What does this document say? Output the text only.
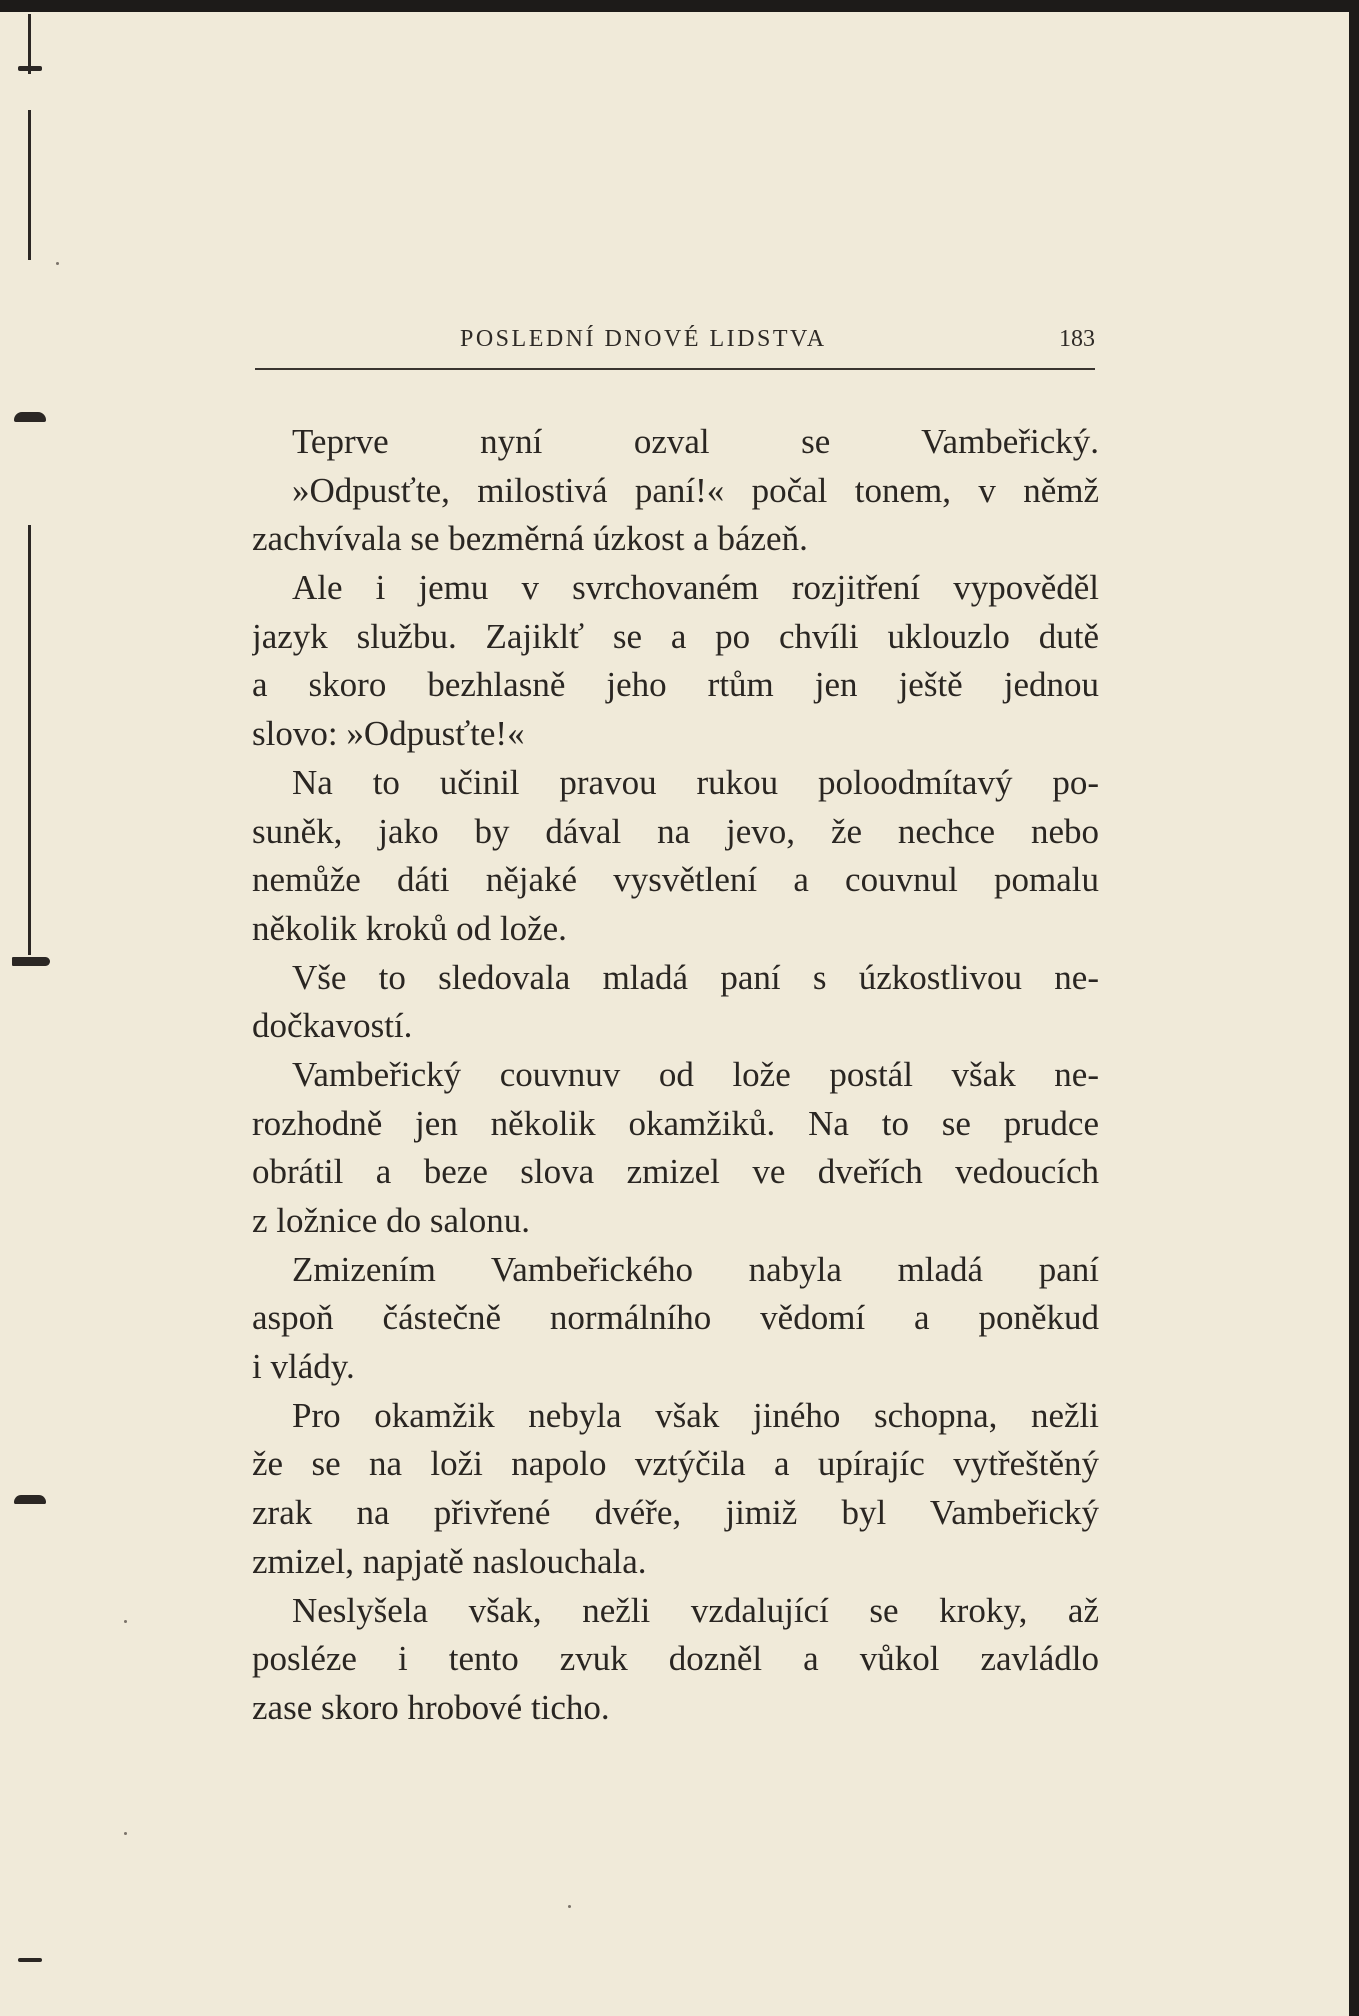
POSLEDNÍ DNOVÉ LIDSTVA	183
Teprve nyní ozval se Vambeřický.
»Odpusťte, milostivá paní!« počal tonem, v němž
zachvívala se bezměrná úzkost a bázeň.
Ale i jemu v svrchovaném rozjitření vypověděl
jazyk službu. Zajiklť se a po chvíli uklouzlo dutě
a skoro bezhlasně jeho rtům jen ještě jednou
slovo: »Odpusťte!«
Na to učinil pravou rukou poloodmítavý po-
suněk, jako by dával na jevo, že nechce nebo
nemůže dáti nějaké vysvětlení a couvnul pomalu
několik kroků od lože.
Vše to sledovala mladá paní s úzkostlivou ne-
dočkavostí.
Vambeřický couvnuv od lože postál však ne-
rozhodně jen několik okamžiků. Na to se prudce
obrátil a beze slova zmizel ve dveřích vedoucích
z ložnice do salonu.
Zmizením Vambeřického nabyla mladá paní
aspoň částečně normálního vědomí a poněkud
i vlády.
Pro okamžik nebyla však jiného schopna, nežli
že se na loži napolo vztýčila a upírajíc vytřeštěný
zrak na přivřené dvéře, jimiž byl Vambeřický
zmizel, napjatě naslouchala.
Neslyšela však, nežli vzdalující se kroky, až
posléze i tento zvuk dozněl a vůkol zavládlo
zase skoro hrobové ticho.
